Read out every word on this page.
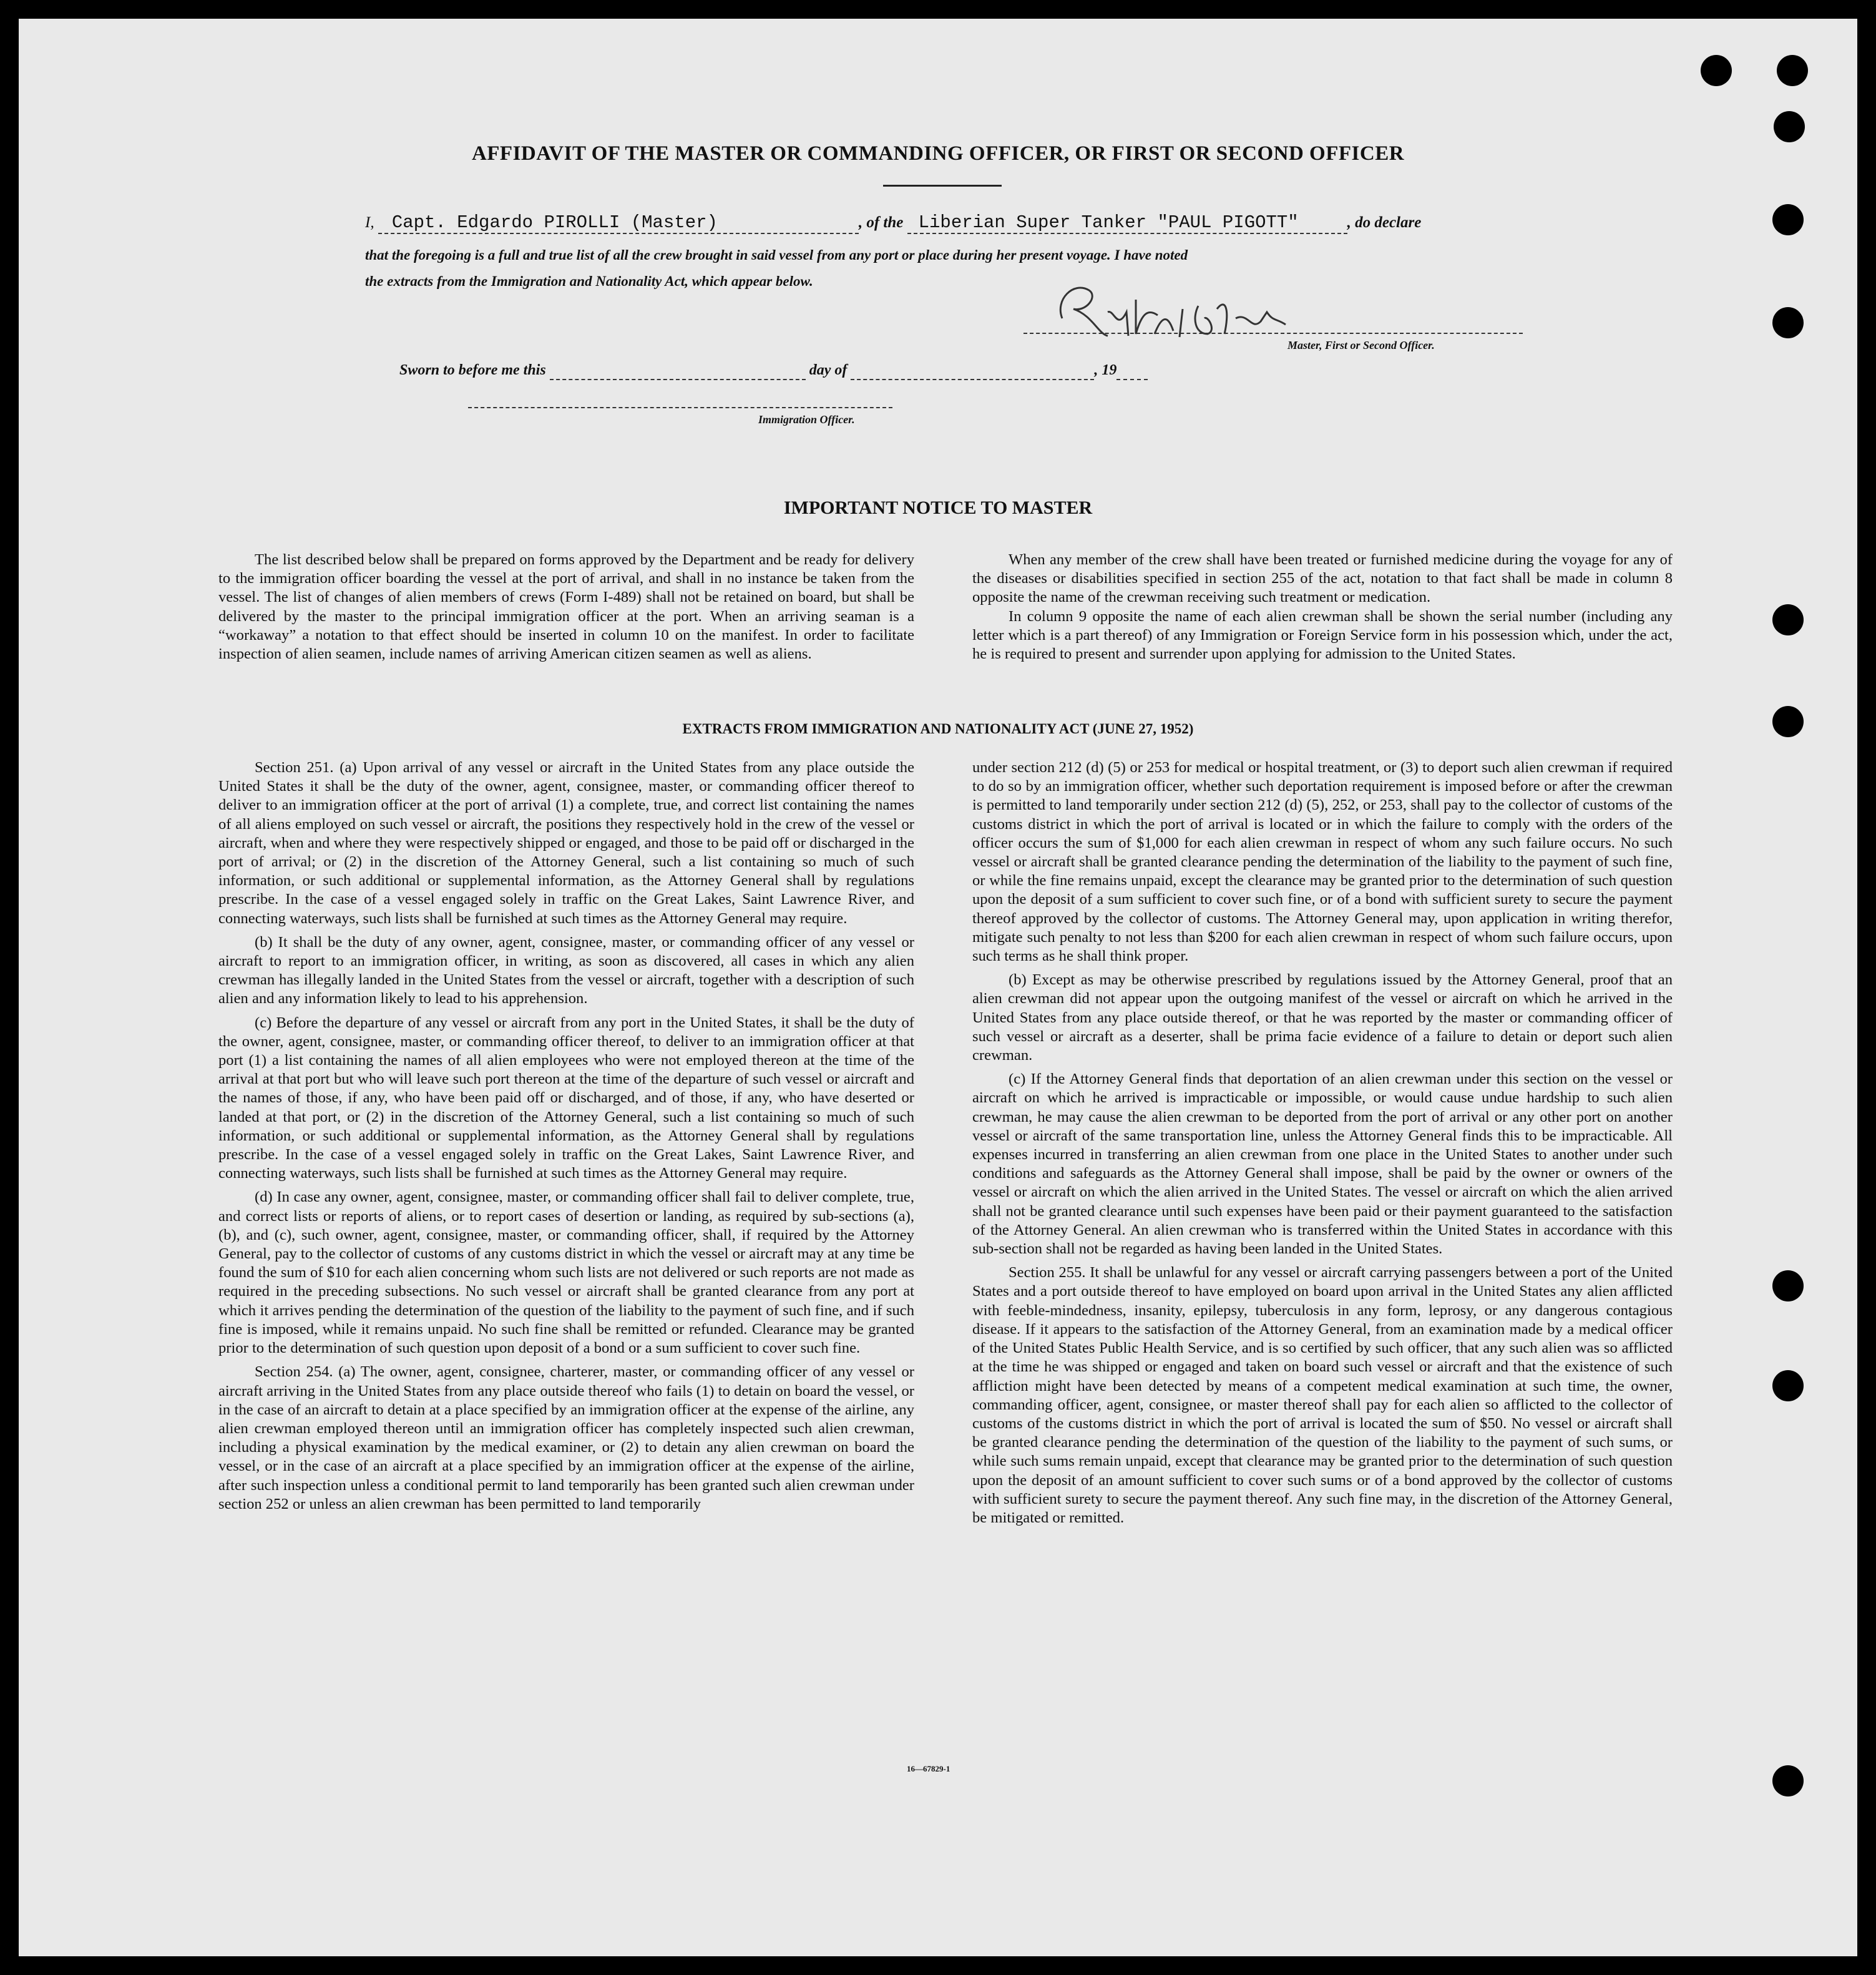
AFFIDAVIT OF THE MASTER OR COMMANDING OFFICER, OR FIRST OR SECOND OFFICER
I, Capt. Edgardo PIROLLI (Master)	, of the Liberian Super Tanker "PAUL PIGOTT"	, do declare

that the foregoing is a full and true list of all the crew brought in said vessel from any port or place during her present voyage. I have noted

the extracts from the Immigration and Nationality Act, which appear below.

Master, First or Second Officer.
Sworn to before me this	day of	, 19
Immigration Officer.
IMPORTANT NOTICE TO MASTER

The list described below shall be prepared on forms approved by the Department and be ready for delivery to the immigration officer boarding the vessel at the port of arrival, and shall in no instance be taken from the vessel. The list of changes of alien members of crews (Form I-489) shall not be retained on board, but shall be delivered by the master to the principal immigration officer at the port. When an arriving seaman is a “workaway” a notation to that effect should be inserted in column 10 on the manifest. In order to facilitate inspection of alien seamen, include names of arriving American citizen seamen as well as aliens.

When any member of the crew shall have been treated or furnished medicine during the voyage for any of the diseases or disabilities specified in section 255 of the act, notation to that fact shall be made in column 8 opposite the name of the crewman receiving such treatment or medication.

In column 9 opposite the name of each alien crewman shall be shown the serial number (including any letter which is a part thereof) of any Immigration or Foreign Service form in his possession which, under the act, he is required to present and surrender upon applying for admission to the United States.

EXTRACTS FROM IMMIGRATION AND NATIONALITY ACT (JUNE 27, 1952)

Section 251. (a) Upon arrival of any vessel or aircraft in the United States from any place outside the United States it shall be the duty of the owner, agent, consignee, master, or commanding officer thereof to deliver to an immigration officer at the port of arrival (1) a complete, true, and correct list containing the names of all aliens employed on such vessel or aircraft, the positions they respectively hold in the crew of the vessel or aircraft, when and where they were respectively shipped or engaged, and those to be paid off or discharged in the port of arrival; or (2) in the discretion of the Attorney General, such a list containing so much of such information, or such additional or supplemental information, as the Attorney General shall by regulations prescribe. In the case of a vessel engaged solely in traffic on the Great Lakes, Saint Lawrence River, and connecting waterways, such lists shall be furnished at such times as the Attorney General may require.

(b) It shall be the duty of any owner, agent, consignee, master, or commanding officer of any vessel or aircraft to report to an immigration officer, in writing, as soon as discovered, all cases in which any alien crewman has illegally landed in the United States from the vessel or aircraft, together with a description of such alien and any information likely to lead to his apprehension.

(c) Before the departure of any vessel or aircraft from any port in the United States, it shall be the duty of the owner, agent, consignee, master, or commanding officer thereof, to deliver to an immigration officer at that port (1) a list containing the names of all alien employees who were not employed thereon at the time of the arrival at that port but who will leave such port thereon at the time of the departure of such vessel or aircraft and the names of those, if any, who have been paid off or discharged, and of those, if any, who have deserted or landed at that port, or (2) in the discretion of the Attorney General, such a list containing so much of such information, or such additional or supplemental information, as the Attorney General shall by regulations prescribe. In the case of a vessel engaged solely in traffic on the Great Lakes, Saint Lawrence River, and connecting waterways, such lists shall be furnished at such times as the Attorney General may require.

(d) In case any owner, agent, consignee, master, or commanding officer shall fail to deliver complete, true, and correct lists or reports of aliens, or to report cases of desertion or landing, as required by sub-sections (a), (b), and (c), such owner, agent, consignee, master, or commanding officer, shall, if required by the Attorney General, pay to the collector of customs of any customs district in which the vessel or aircraft may at any time be found the sum of $10 for each alien concerning whom such lists are not delivered or such reports are not made as required in the preceding subsections. No such vessel or aircraft shall be granted clearance from any port at which it arrives pending the determination of the question of the liability to the payment of such fine, and if such fine is imposed, while it remains unpaid. No such fine shall be remitted or refunded. Clearance may be granted prior to the determination of such question upon deposit of a bond or a sum sufficient to cover such fine.

Section 254. (a) The owner, agent, consignee, charterer, master, or commanding officer of any vessel or aircraft arriving in the United States from any place outside thereof who fails (1) to detain on board the vessel, or in the case of an aircraft to detain at a place specified by an immigration officer at the expense of the airline, any alien crewman employed thereon until an immigration officer has completely inspected such alien crewman, including a physical examination by the medical examiner, or (2) to detain any alien crewman on board the vessel, or in the case of an aircraft at a place specified by an immigration officer at the expense of the airline, after such inspection unless a conditional permit to land temporarily has been granted such alien crewman under section 252 or unless an alien crewman has been permitted to land temporarily

under section 212 (d) (5) or 253 for medical or hospital treatment, or (3) to deport such alien crewman if required to do so by an immigration officer, whether such deportation requirement is imposed before or after the crewman is permitted to land temporarily under section 212 (d) (5), 252, or 253, shall pay to the collector of customs of the customs district in which the port of arrival is located or in which the failure to comply with the orders of the officer occurs the sum of $1,000 for each alien crewman in respect of whom any such failure occurs. No such vessel or aircraft shall be granted clearance pending the determination of the liability to the payment of such fine, or while the fine remains unpaid, except the clearance may be granted prior to the determination of such question upon the deposit of a sum sufficient to cover such fine, or of a bond with sufficient surety to secure the payment thereof approved by the collector of customs. The Attorney General may, upon application in writing therefor, mitigate such penalty to not less than $200 for each alien crewman in respect of whom such failure occurs, upon such terms as he shall think proper.

(b) Except as may be otherwise prescribed by regulations issued by the Attorney General, proof that an alien crewman did not appear upon the outgoing manifest of the vessel or aircraft on which he arrived in the United States from any place outside thereof, or that he was reported by the master or commanding officer of such vessel or aircraft as a deserter, shall be prima facie evidence of a failure to detain or deport such alien crewman.

(c) If the Attorney General finds that deportation of an alien crewman under this section on the vessel or aircraft on which he arrived is impracticable or impossible, or would cause undue hardship to such alien crewman, he may cause the alien crewman to be deported from the port of arrival or any other port on another vessel or aircraft of the same transportation line, unless the Attorney General finds this to be impracticable. All expenses incurred in transferring an alien crewman from one place in the United States to another under such conditions and safeguards as the Attorney General shall impose, shall be paid by the owner or owners of the vessel or aircraft on which the alien arrived in the United States. The vessel or aircraft on which the alien arrived shall not be granted clearance until such expenses have been paid or their payment guaranteed to the satisfaction of the Attorney General. An alien crewman who is transferred within the United States in accordance with this sub-section shall not be regarded as having been landed in the United States.

Section 255. It shall be unlawful for any vessel or aircraft carrying passengers between a port of the United States and a port outside thereof to have employed on board upon arrival in the United States any alien afflicted with feeble-mindedness, insanity, epilepsy, tuberculosis in any form, leprosy, or any dangerous contagious disease. If it appears to the satisfaction of the Attorney General, from an examination made by a medical officer of the United States Public Health Service, and is so certified by such officer, that any such alien was so afflicted at the time he was shipped or engaged and taken on board such vessel or aircraft and that the existence of such affliction might have been detected by means of a competent medical examination at such time, the owner, commanding officer, agent, consignee, or master thereof shall pay for each alien so afflicted to the collector of customs of the customs district in which the port of arrival is located the sum of $50. No vessel or aircraft shall be granted clearance pending the determination of the question of the liability to the payment of such sums, or while such sums remain unpaid, except that clearance may be granted prior to the determination of such question upon the deposit of an amount sufficient to cover such sums or of a bond approved by the collector of customs with sufficient surety to secure the payment thereof. Any such fine may, in the discretion of the Attorney General, be mitigated or remitted.

16—67829-1
